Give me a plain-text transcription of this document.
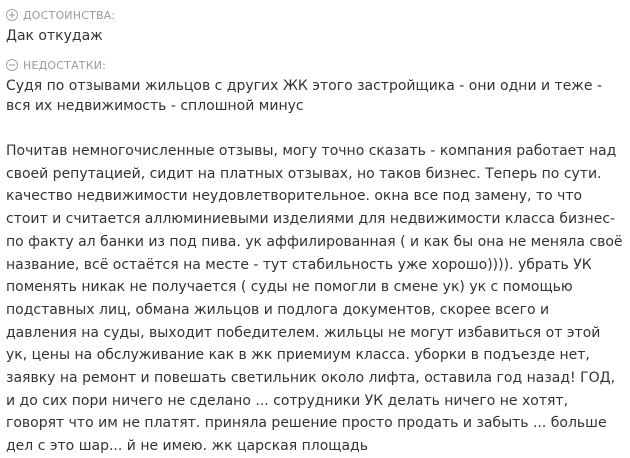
ДОСТОИНСТВА:

Дак откудаж

НЕДОСТАТКИ:

Судя по отзывами жильцов с других ЖК этого застройщика - они одни и теже - вся их недвижимость - сплошной минус

Почитав немногочисленные отзывы, могу точно сказать - компания работает над своей репутацией, сидит на платных отзывах, но таков бизнес. Теперь по сути. качество недвижимости неудовлетворительное. окна все под замену, то что стоит и считается аллюминиевыми изделиями для недвижимости класса бизнес- по факту ал банки из под пива. ук аффилированная ( и как бы она не меняла своё название, всё остаётся на месте - тут стабильность уже хорошо)))). убрать УК поменять никак не получается ( суды не помогли в смене ук) ук с помощью подставных лиц, обмана жильцов и подлога документов, скорее всего и давления на суды, выходит победителем. жильцы не могут избавиться от этой ук, цены на обслуживание как в жк приемиум класса. уборки в подъезде нет, заявку на ремонт и повешать светильник около лифта, оставила год назад! ГОД, и до сих пори ничего не сделано ... сотрудники УК делать ничего не хотят, говорят что им не платят. приняла решение просто продать и забыть ... больше дел с это шар... й не имею. жк царская площадь
